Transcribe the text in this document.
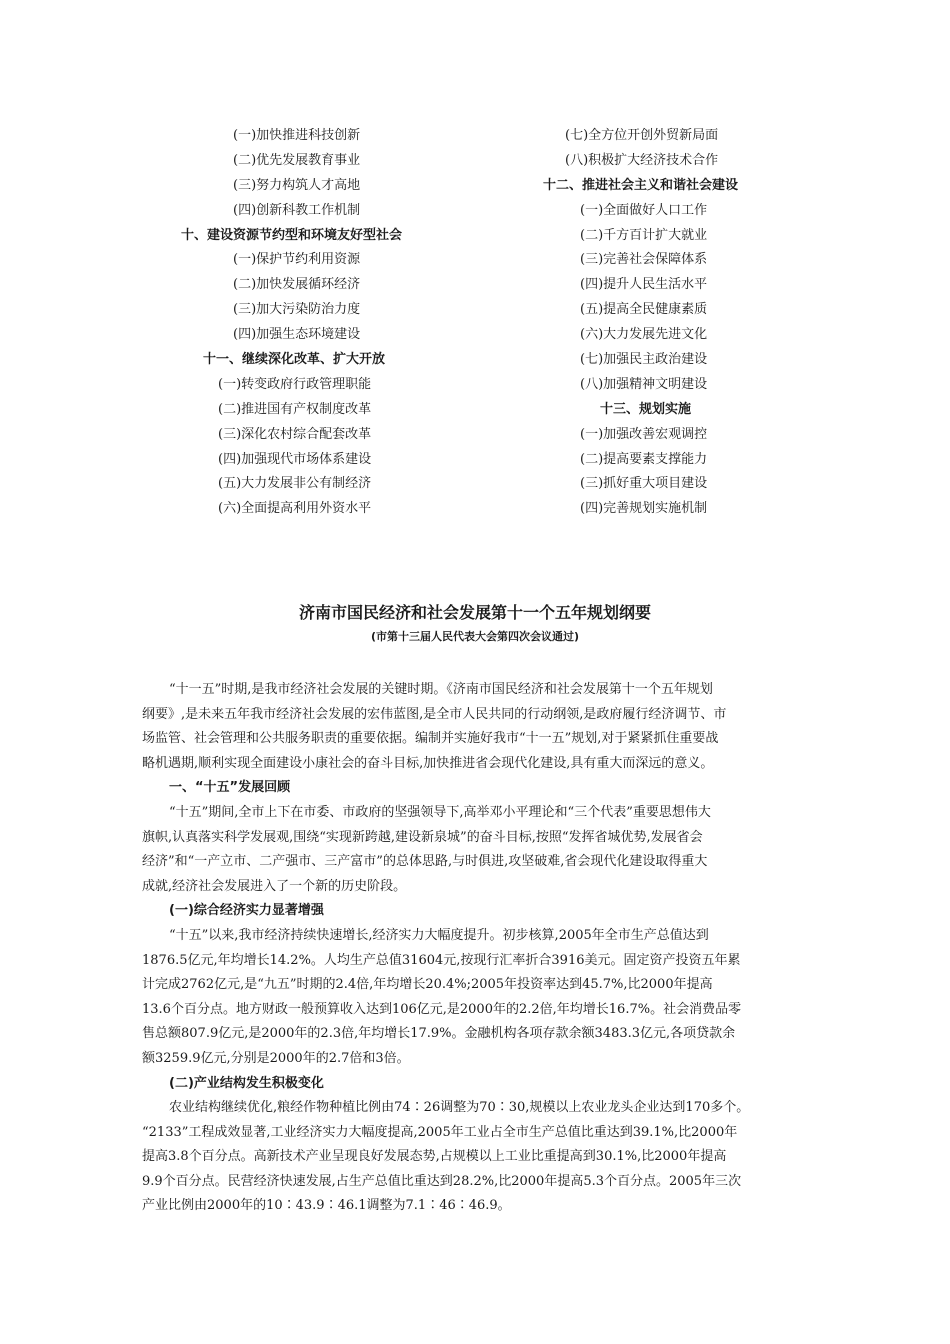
(一)加快推进科技创新
(二)优先发展教育事业
(三)努力构筑人才高地
(四)创新科教工作机制
十、建设资源节约型和环境友好型社会
(一)保护节约利用资源
(二)加快发展循环经济
(三)加大污染防治力度
(四)加强生态环境建设
十一、继续深化改革、扩大开放
(一)转变政府行政管理职能
(二)推进国有产权制度改革
(三)深化农村综合配套改革
(四)加强现代市场体系建设
(五)大力发展非公有制经济
(六)全面提高利用外资水平
(七)全方位开创外贸新局面
(八)积极扩大经济技术合作
十二、推进社会主义和谐社会建设
(一)全面做好人口工作
(二)千方百计扩大就业
(三)完善社会保障体系
(四)提升人民生活水平
(五)提高全民健康素质
(六)大力发展先进文化
(七)加强民主政治建设
(八)加强精神文明建设
十三、规划实施
(一)加强改善宏观调控
(二)提高要素支撑能力
(三)抓好重大项目建设
(四)完善规划实施机制
济南市国民经济和社会发展第十一个五年规划纲要
(市第十三届人民代表大会第四次会议通过)
“十一五”时期,是我市经济社会发展的关键时期。《济南市国民经济和社会发展第十一个五年规划
纲要》,是未来五年我市经济社会发展的宏伟蓝图,是全市人民共同的行动纲领,是政府履行经济调节、市
场监管、社会管理和公共服务职责的重要依据。编制并实施好我市“十一五”规划,对于紧紧抓住重要战
略机遇期,顺利实现全面建设小康社会的奋斗目标,加快推进省会现代化建设,具有重大而深远的意义。
一、“十五”发展回顾
“十五”期间,全市上下在市委、市政府的坚强领导下,高举邓小平理论和“三个代表”重要思想伟大
旗帜,认真落实科学发展观,围绕“实现新跨越,建设新泉城”的奋斗目标,按照“发挥省城优势,发展省会
经济”和“一产立市、二产强市、三产富市”的总体思路,与时俱进,攻坚破难,省会现代化建设取得重大
成就,经济社会发展进入了一个新的历史阶段。
(一)综合经济实力显著增强
“十五”以来,我市经济持续快速增长,经济实力大幅度提升。初步核算,2005年全市生产总值达到
1876.5亿元,年均增长14.2%。人均生产总值31604元,按现行汇率折合3916美元。固定资产投资五年累
计完成2762亿元,是“九五”时期的2.4倍,年均增长20.4%;2005年投资率达到45.7%,比2000年提高
13.6个百分点。地方财政一般预算收入达到106亿元,是2000年的2.2倍,年均增长16.7%。社会消费品零
售总额807.9亿元,是2000年的2.3倍,年均增长17.9%。金融机构各项存款余额3483.3亿元,各项贷款余
额3259.9亿元,分别是2000年的2.7倍和3倍。
(二)产业结构发生积极变化
农业结构继续优化,粮经作物种植比例由74∶26调整为70∶30,规模以上农业龙头企业达到170多个。
“2133”工程成效显著,工业经济实力大幅度提高,2005年工业占全市生产总值比重达到39.1%,比2000年
提高3.8个百分点。高新技术产业呈现良好发展态势,占规模以上工业比重提高到30.1%,比2000年提高
9.9个百分点。民营经济快速发展,占生产总值比重达到28.2%,比2000年提高5.3个百分点。2005年三次
产业比例由2000年的10∶43.9∶46.1调整为7.1∶46∶46.9。
